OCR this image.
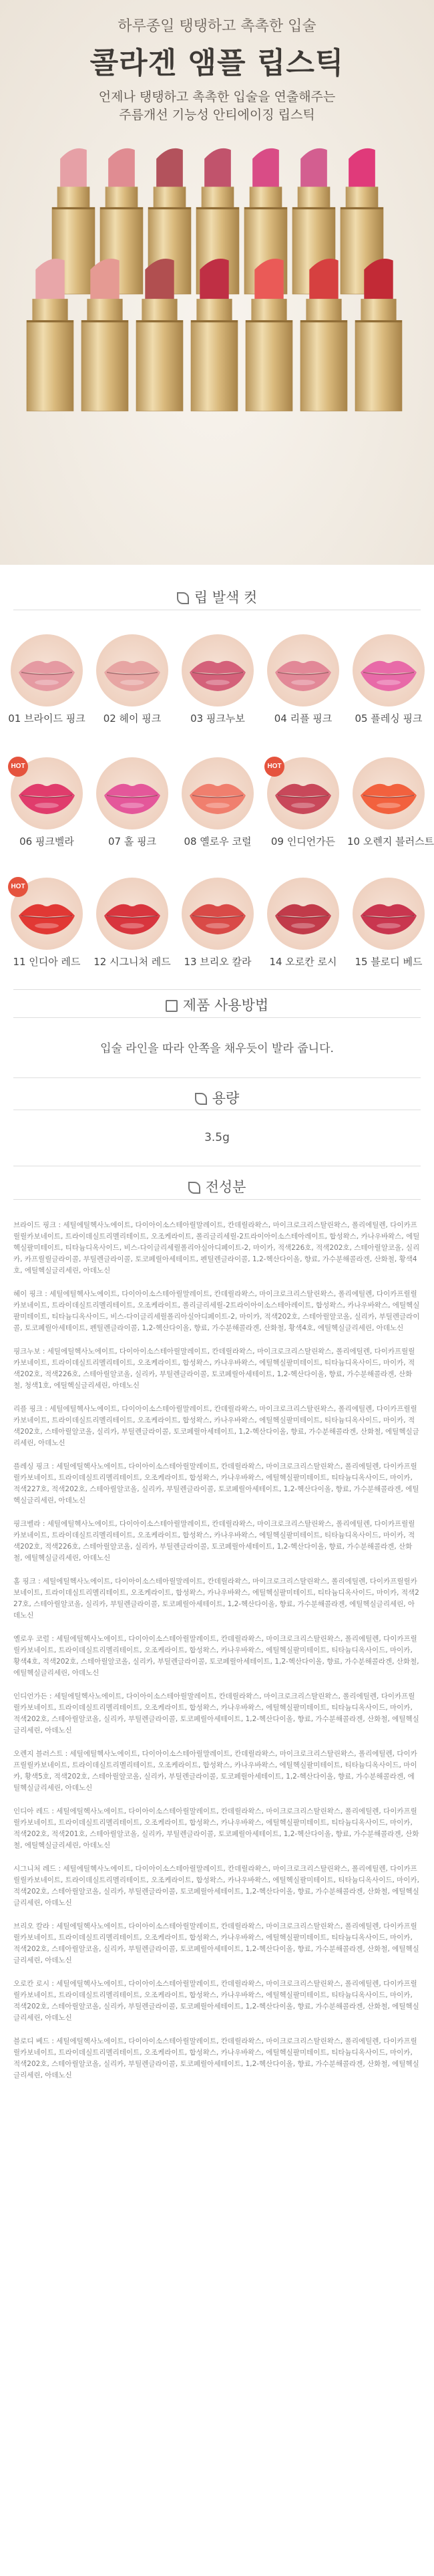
하루종일 탱탱하고 촉촉한 입술
콜라겐 앰플 립스틱
언제나 탱탱하고 촉촉한 입술을 연출해주는
주름개선 기능성 안티에이징 립스틱
립 발색 컷
01 브라이드 핑크	02 헤이 핑크	03 핑크누보	04 리플 핑크	05 플레싱 핑크
HOT
06 핑크벨라	07 홀 핑크	08 옐로우 코럴
HOT
09 인디언가든	10 오렌지 블러스트
HOT
11 인디아 레드	12 시그니처 레드	13 브리오 칼라	14 오로칸 로시	15 블로디 베드
제품 사용방법
입술 라인을 따라 안쪽을 채우듯이 발라 줍니다.
용량
3.5g
전성분

브라이드 핑크 : 세틸에틸헥사노에이트, 다이아이소스테아릴말레이트, 칸데릴라왁스, 마이크로크리스탈린왁스, 폴리에틸렌, 다이카프릴릴카보네이트, 트라이데실트리멜리테이트, 오조케라이트, 폴리글리세릴-2트라이아이소스테아레이트, 합성왁스, 카나우바왁스, 에틸헥실팔미테이트, 티타늄디옥사이드, 비스-다이글리세릴폴리아실아디페이트-2, 마이카, 적색226호, 적색202호, 스테아릴알코올, 실리카, 카프릴릴글라이콜, 부틸렌글라이콜, 토코페릴아세테이트, 펜틸렌글라이콜, 1,2-헥산다이올, 향료, 가수분해콜라겐, 산화철, 황색4호, 에틸헥실글리세린, 아데노신

헤이 핑크 : 세틸에틸헥사노에이트, 다이아이소스테아릴말레이트, 칸데릴라왁스, 마이크로크리스탈린왁스, 폴리에틸렌, 다이카프릴릴카보네이트, 트라이데실트리멜리테이트, 오조케라이트, 폴리글리세릴-2트라이아이소스테아레이트, 합성왁스, 카나우바왁스, 에틸헥실팔미테이트, 티타늄디옥사이드, 비스-다이글리세릴폴리아실아디페이트-2, 마이카, 적색202호, 스테아릴알코올, 실리카, 부틸렌글라이콜, 토코페릴아세테이트, 펜틸렌글라이콜, 1,2-헥산다이올, 향료, 가수분해콜라겐, 산화철, 황색4호, 에틸헥실글리세린, 아데노신

핑크누보 : 세틸에틸헥사노에이트, 다이아이소스테아릴말레이트, 칸데릴라왁스, 마이크로크리스탈린왁스, 폴리에틸렌, 다이카프릴릴카보네이트, 트라이데실트리멜리테이트, 오조케라이트, 합성왁스, 카나우바왁스, 에틸헥실팔미테이트, 티타늄디옥사이드, 마이카, 적색202호, 적색226호, 스테아릴알코올, 실리카, 부틸렌글라이콜, 토코페릴아세테이트, 1,2-헥산다이올, 향료, 가수분해콜라겐, 산화철, 청색1호, 에틸헥실글리세린, 아데노신

리플 핑크 : 세틸에틸헥사노에이트, 다이아이소스테아릴말레이트, 칸데릴라왁스, 마이크로크리스탈린왁스, 폴리에틸렌, 다이카프릴릴카보네이트, 트라이데실트리멜리테이트, 오조케라이트, 합성왁스, 카나우바왁스, 에틸헥실팔미테이트, 티타늄디옥사이드, 마이카, 적색202호, 스테아릴알코올, 실리카, 부틸렌글라이콜, 토코페릴아세테이트, 1,2-헥산다이올, 향료, 가수분해콜라겐, 산화철, 에틸헥실글리세린, 아데노신

플레싱 핑크 : 세틸에틸헥사노에이트, 다이아이소스테아릴말레이트, 칸데릴라왁스, 마이크로크리스탈린왁스, 폴리에틸렌, 다이카프릴릴카보네이트, 트라이데실트리멜리테이트, 오조케라이트, 합성왁스, 카나우바왁스, 에틸헥실팔미테이트, 티타늄디옥사이드, 마이카, 적색227호, 적색202호, 스테아릴알코올, 실리카, 부틸렌글라이콜, 토코페릴아세테이트, 1,2-헥산다이올, 향료, 가수분해콜라겐, 에틸헥실글리세린, 아데노신

핑크벨라 : 세틸에틸헥사노에이트, 다이아이소스테아릴말레이트, 칸데릴라왁스, 마이크로크리스탈린왁스, 폴리에틸렌, 다이카프릴릴카보네이트, 트라이데실트리멜리테이트, 오조케라이트, 합성왁스, 카나우바왁스, 에틸헥실팔미테이트, 티타늄디옥사이드, 마이카, 적색202호, 적색226호, 스테아릴알코올, 실리카, 부틸렌글라이콜, 토코페릴아세테이트, 1,2-헥산다이올, 향료, 가수분해콜라겐, 산화철, 에틸헥실글리세린, 아데노신

홀 핑크 : 세틸에틸헥사노에이트, 다이아이소스테아릴말레이트, 칸데릴라왁스, 마이크로크리스탈린왁스, 폴리에틸렌, 다이카프릴릴카보네이트, 트라이데실트리멜리테이트, 오조케라이트, 합성왁스, 카나우바왁스, 에틸헥실팔미테이트, 티타늄디옥사이드, 마이카, 적색227호, 스테아릴알코올, 실리카, 부틸렌글라이콜, 토코페릴아세테이트, 1,2-헥산다이올, 향료, 가수분해콜라겐, 에틸헥실글리세린, 아데노신

옐로우 코럴 : 세틸에틸헥사노에이트, 다이아이소스테아릴말레이트, 칸데릴라왁스, 마이크로크리스탈린왁스, 폴리에틸렌, 다이카프릴릴카보네이트, 트라이데실트리멜리테이트, 오조케라이트, 합성왁스, 카나우바왁스, 에틸헥실팔미테이트, 티타늄디옥사이드, 마이카, 황색4호, 적색202호, 스테아릴알코올, 실리카, 부틸렌글라이콜, 토코페릴아세테이트, 1,2-헥산다이올, 향료, 가수분해콜라겐, 산화철, 에틸헥실글리세린, 아데노신

인디언가든 : 세틸에틸헥사노에이트, 다이아이소스테아릴말레이트, 칸데릴라왁스, 마이크로크리스탈린왁스, 폴리에틸렌, 다이카프릴릴카보네이트, 트라이데실트리멜리테이트, 오조케라이트, 합성왁스, 카나우바왁스, 에틸헥실팔미테이트, 티타늄디옥사이드, 마이카, 적색202호, 스테아릴알코올, 실리카, 부틸렌글라이콜, 토코페릴아세테이트, 1,2-헥산다이올, 향료, 가수분해콜라겐, 산화철, 에틸헥실글리세린, 아데노신

오렌지 블러스트 : 세틸에틸헥사노에이트, 다이아이소스테아릴말레이트, 칸데릴라왁스, 마이크로크리스탈린왁스, 폴리에틸렌, 다이카프릴릴카보네이트, 트라이데실트리멜리테이트, 오조케라이트, 합성왁스, 카나우바왁스, 에틸헥실팔미테이트, 티타늄디옥사이드, 마이카, 황색5호, 적색202호, 스테아릴알코올, 실리카, 부틸렌글라이콜, 토코페릴아세테이트, 1,2-헥산다이올, 향료, 가수분해콜라겐, 에틸헥실글리세린, 아데노신

인디아 레드 : 세틸에틸헥사노에이트, 다이아이소스테아릴말레이트, 칸데릴라왁스, 마이크로크리스탈린왁스, 폴리에틸렌, 다이카프릴릴카보네이트, 트라이데실트리멜리테이트, 오조케라이트, 합성왁스, 카나우바왁스, 에틸헥실팔미테이트, 티타늄디옥사이드, 마이카, 적색202호, 적색201호, 스테아릴알코올, 실리카, 부틸렌글라이콜, 토코페릴아세테이트, 1,2-헥산다이올, 향료, 가수분해콜라겐, 산화철, 에틸헥실글리세린, 아데노신

시그니처 레드 : 세틸에틸헥사노에이트, 다이아이소스테아릴말레이트, 칸데릴라왁스, 마이크로크리스탈린왁스, 폴리에틸렌, 다이카프릴릴카보네이트, 트라이데실트리멜리테이트, 오조케라이트, 합성왁스, 카나우바왁스, 에틸헥실팔미테이트, 티타늄디옥사이드, 마이카, 적색202호, 스테아릴알코올, 실리카, 부틸렌글라이콜, 토코페릴아세테이트, 1,2-헥산다이올, 향료, 가수분해콜라겐, 산화철, 에틸헥실글리세린, 아데노신

브리오 칼라 : 세틸에틸헥사노에이트, 다이아이소스테아릴말레이트, 칸데릴라왁스, 마이크로크리스탈린왁스, 폴리에틸렌, 다이카프릴릴카보네이트, 트라이데실트리멜리테이트, 오조케라이트, 합성왁스, 카나우바왁스, 에틸헥실팔미테이트, 티타늄디옥사이드, 마이카, 적색202호, 스테아릴알코올, 실리카, 부틸렌글라이콜, 토코페릴아세테이트, 1,2-헥산다이올, 향료, 가수분해콜라겐, 산화철, 에틸헥실글리세린, 아데노신

오로칸 로시 : 세틸에틸헥사노에이트, 다이아이소스테아릴말레이트, 칸데릴라왁스, 마이크로크리스탈린왁스, 폴리에틸렌, 다이카프릴릴카보네이트, 트라이데실트리멜리테이트, 오조케라이트, 합성왁스, 카나우바왁스, 에틸헥실팔미테이트, 티타늄디옥사이드, 마이카, 적색202호, 스테아릴알코올, 실리카, 부틸렌글라이콜, 토코페릴아세테이트, 1,2-헥산다이올, 향료, 가수분해콜라겐, 산화철, 에틸헥실글리세린, 아데노신

블로디 베드 : 세틸에틸헥사노에이트, 다이아이소스테아릴말레이트, 칸데릴라왁스, 마이크로크리스탈린왁스, 폴리에틸렌, 다이카프릴릴카보네이트, 트라이데실트리멜리테이트, 오조케라이트, 합성왁스, 카나우바왁스, 에틸헥실팔미테이트, 티타늄디옥사이드, 마이카, 적색202호, 스테아릴알코올, 실리카, 부틸렌글라이콜, 토코페릴아세테이트, 1,2-헥산다이올, 향료, 가수분해콜라겐, 산화철, 에틸헥실글리세린, 아데노신
